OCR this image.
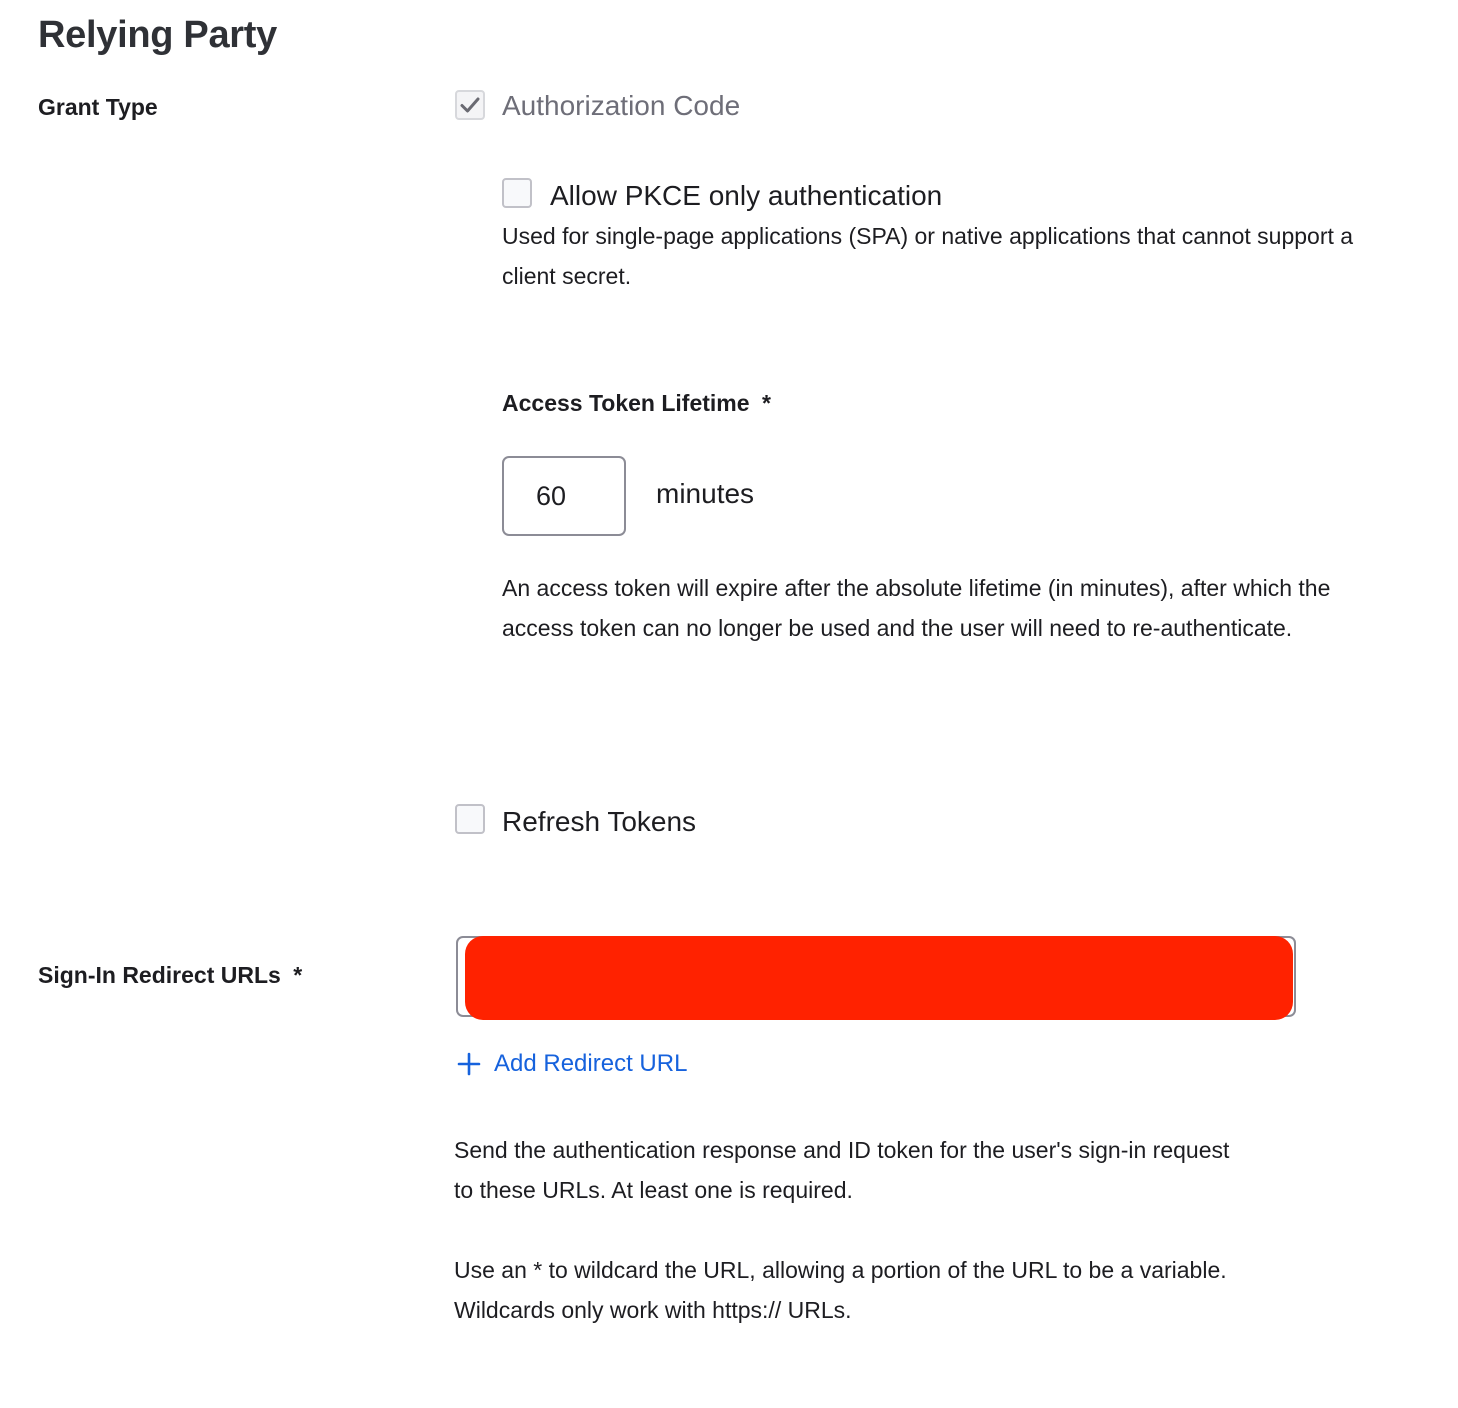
Relying Party
Grant Type	Authorization Code
Allow PKCE only authentication
Used for single-page applications (SPA) or native applications that cannot support a client secret.
Access Token Lifetime *
60
minutes
An access token will expire after the absolute lifetime (in minutes), after which the access token can no longer be used and the user will need to re-authenticate.
Refresh Tokens
Sign-In Redirect URLs *
Add Redirect URL
Send the authentication response and ID token for the user's sign-in request to these URLs. At least one is required.
Use an * to wildcard the URL, allowing a portion of the URL to be a variable. Wildcards only work with https:// URLs.
